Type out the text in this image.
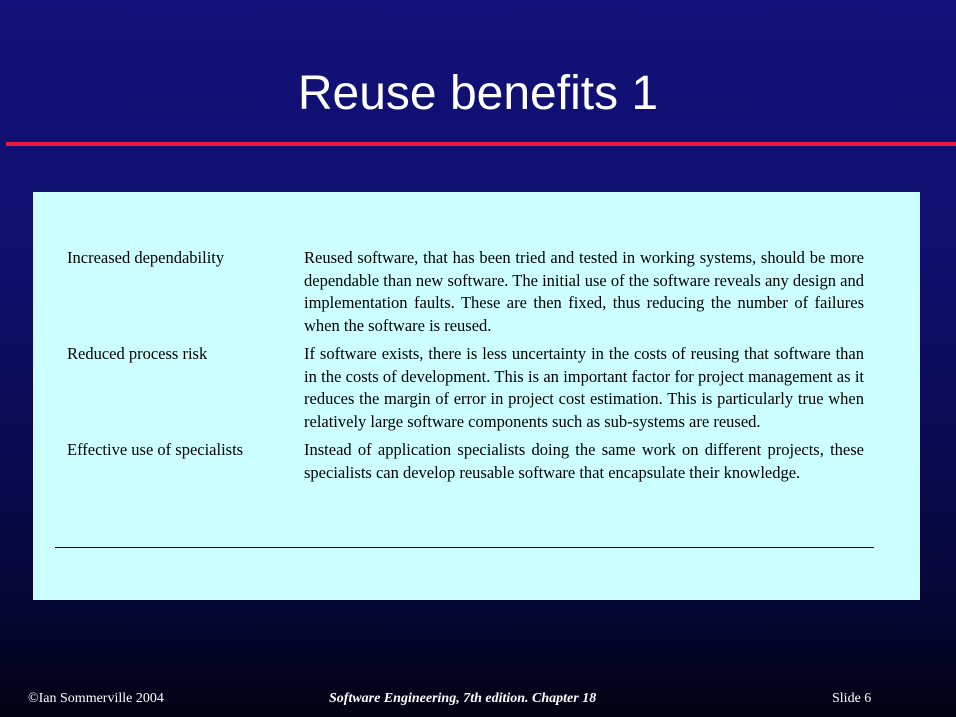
Reuse benefits 1
Increased dependability	Reused software, that has been tried and tested in working systems, should be more dependable than new software. The initial use of the software reveals any design and implementation faults. These are then fixed, thus reducing the number of failures when the software is reused.
Reduced process risk	If software exists, there is less uncertainty in the costs of reusing that software than in the costs of development. This is an important factor for project management as it reduces the margin of error in project cost estimation. This is particularly true when relatively large software components such as sub-systems are reused.
Effective use of specialists	Instead of application specialists doing the same work on different projects, these specialists can develop reusable software that encapsulate their knowledge.
©Ian Sommerville 2004	Software Engineering, 7th edition. Chapter 18	Slide 6
